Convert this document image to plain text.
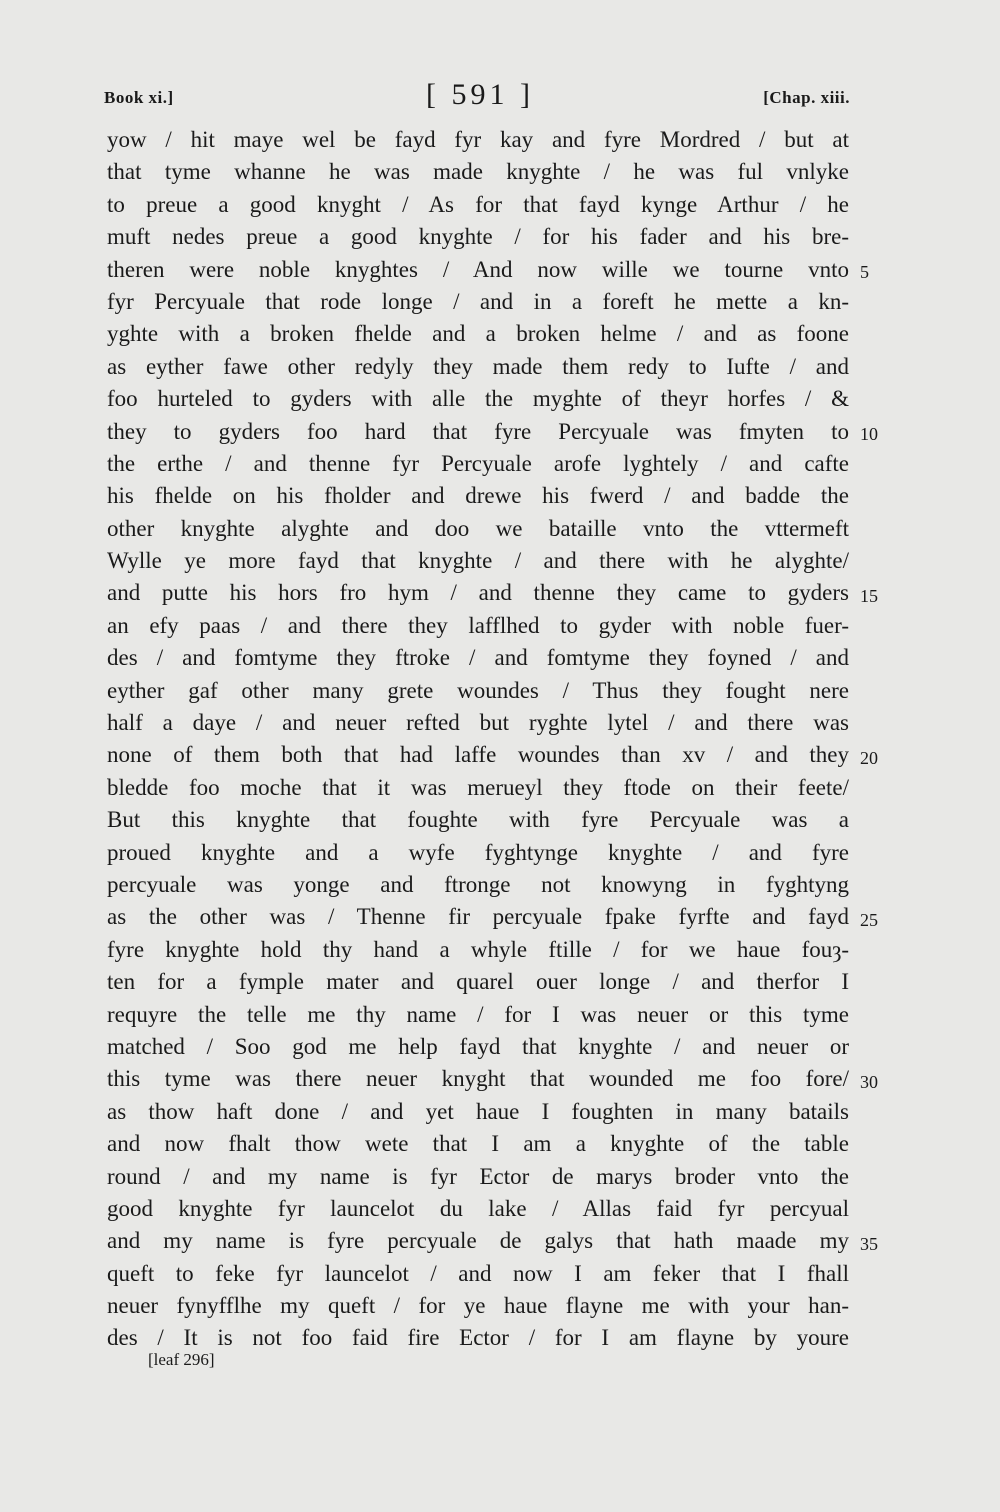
Book xi.]	[ 591 ]	[Chap. xiii.
yow / hit maye wel be fayd fyr kay and fyre Mordred / but at
that tyme whanne he was made knyghte / he was ful vnlyke
to preue a good knyght / As for that fayd kynge Arthur / he
muft nedes preue a good knyghte / for his fader and his bre-
theren were noble knyghtes / And now wille we tourne vnto
fyr Percyuale that rode longe / and in a foreft he mette a kn-
yghte with a broken fhelde and a broken helme / and as foone
as eyther fawe other redyly they made them redy to Iufte / and
foo hurteled to gyders with alle the myghte of theyr horfes / &
they to gyders foo hard that fyre Percyuale was fmyten to
the erthe / and thenne fyr Percyuale arofe lyghtely / and cafte
his fhelde on his fholder and drewe his fwerd / and badde the
other knyghte alyghte and doo we bataille vnto the vttermeft
Wylle ye more fayd that knyghte / and there with he alyghte/
and putte his hors fro hym / and thenne they came to gyders
an efy paas / and there they lafflhed to gyder with noble fuer-
des / and fomtyme they ftroke / and fomtyme they foyned / and
eyther gaf other many grete woundes / Thus they fought nere
half a daye / and neuer refted but ryghte lytel / and there was
none of them both that had laffe woundes than xv / and they
bledde foo moche that it was merueyl they ftode on their feete/
But this knyghte that foughte with fyre Percyuale was a
proued knyghte and a wyfe fyghtynge knyghte / and fyre
percyuale was yonge and ftronge not knowyng in fyghtyng
as the other was / Thenne fir percyuale fpake fyrfte and fayd
fyre knyghte hold thy hand a whyle ftille / for we haue fouȝ-
ten for a fymple mater and quarel ouer longe / and therfor I
requyre the telle me thy name / for I was neuer or this tyme
matched / Soo god me help fayd that knyghte / and neuer or
this tyme was there neuer knyght that wounded me foo fore/
as thow haft done / and yet haue I foughten in many batails
and now fhalt thow wete that I am a knyghte of the table
round / and my name is fyr Ector de marys broder vnto the
good knyghte fyr launcelot du lake / Allas faid fyr percyual
and my name is fyre percyuale de galys that hath maade my
queft to feke fyr launcelot / and now I am feker that I fhall
neuer fynyfflhe my queft / for ye haue flayne me with your han-
des / It is not foo faid fire Ector / for I am flayne by youre
5
10
15
20
25
30
35
[leaf 296]
